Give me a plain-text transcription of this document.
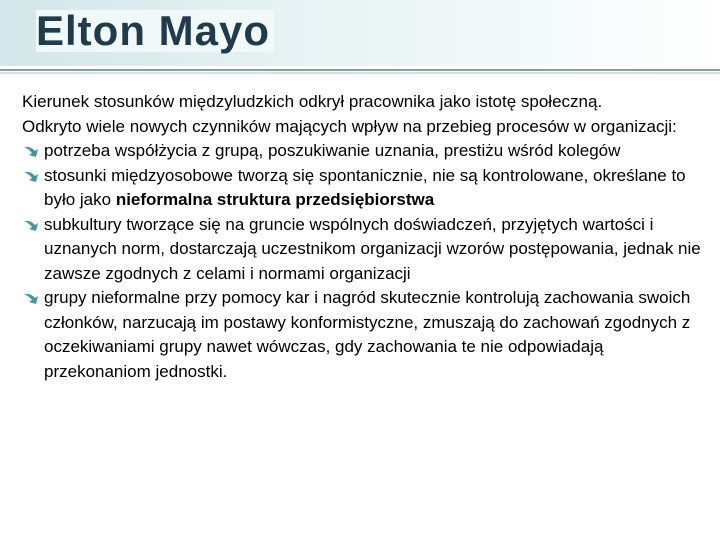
Elton Mayo

Kierunek stosunków międzyludzkich odkrył pracownika jako istotę społeczną.

Odkryto wiele nowych czynników mających wpływ na przebieg procesów w organizacji:

potrzeba współżycia z grupą, poszukiwanie uznania, prestiżu wśród kolegów
stosunki międzyosobowe tworzą się spontanicznie, nie są kontrolowane, określane to było jako nieformalna struktura przedsiębiorstwa
subkultury tworzące się na gruncie wspólnych doświadczeń, przyjętych wartości i uznanych norm, dostarczają uczestnikom organizacji wzorów postępowania, jednak nie zawsze zgodnych z celami i normami organizacji
grupy nieformalne przy pomocy kar i nagród skutecznie kontrolują zachowania swoich członków, narzucają im postawy konformistyczne, zmuszają do zachowań zgodnych z oczekiwaniami grupy nawet wówczas, gdy zachowania te nie odpowiadają przekonaniom jednostki.
